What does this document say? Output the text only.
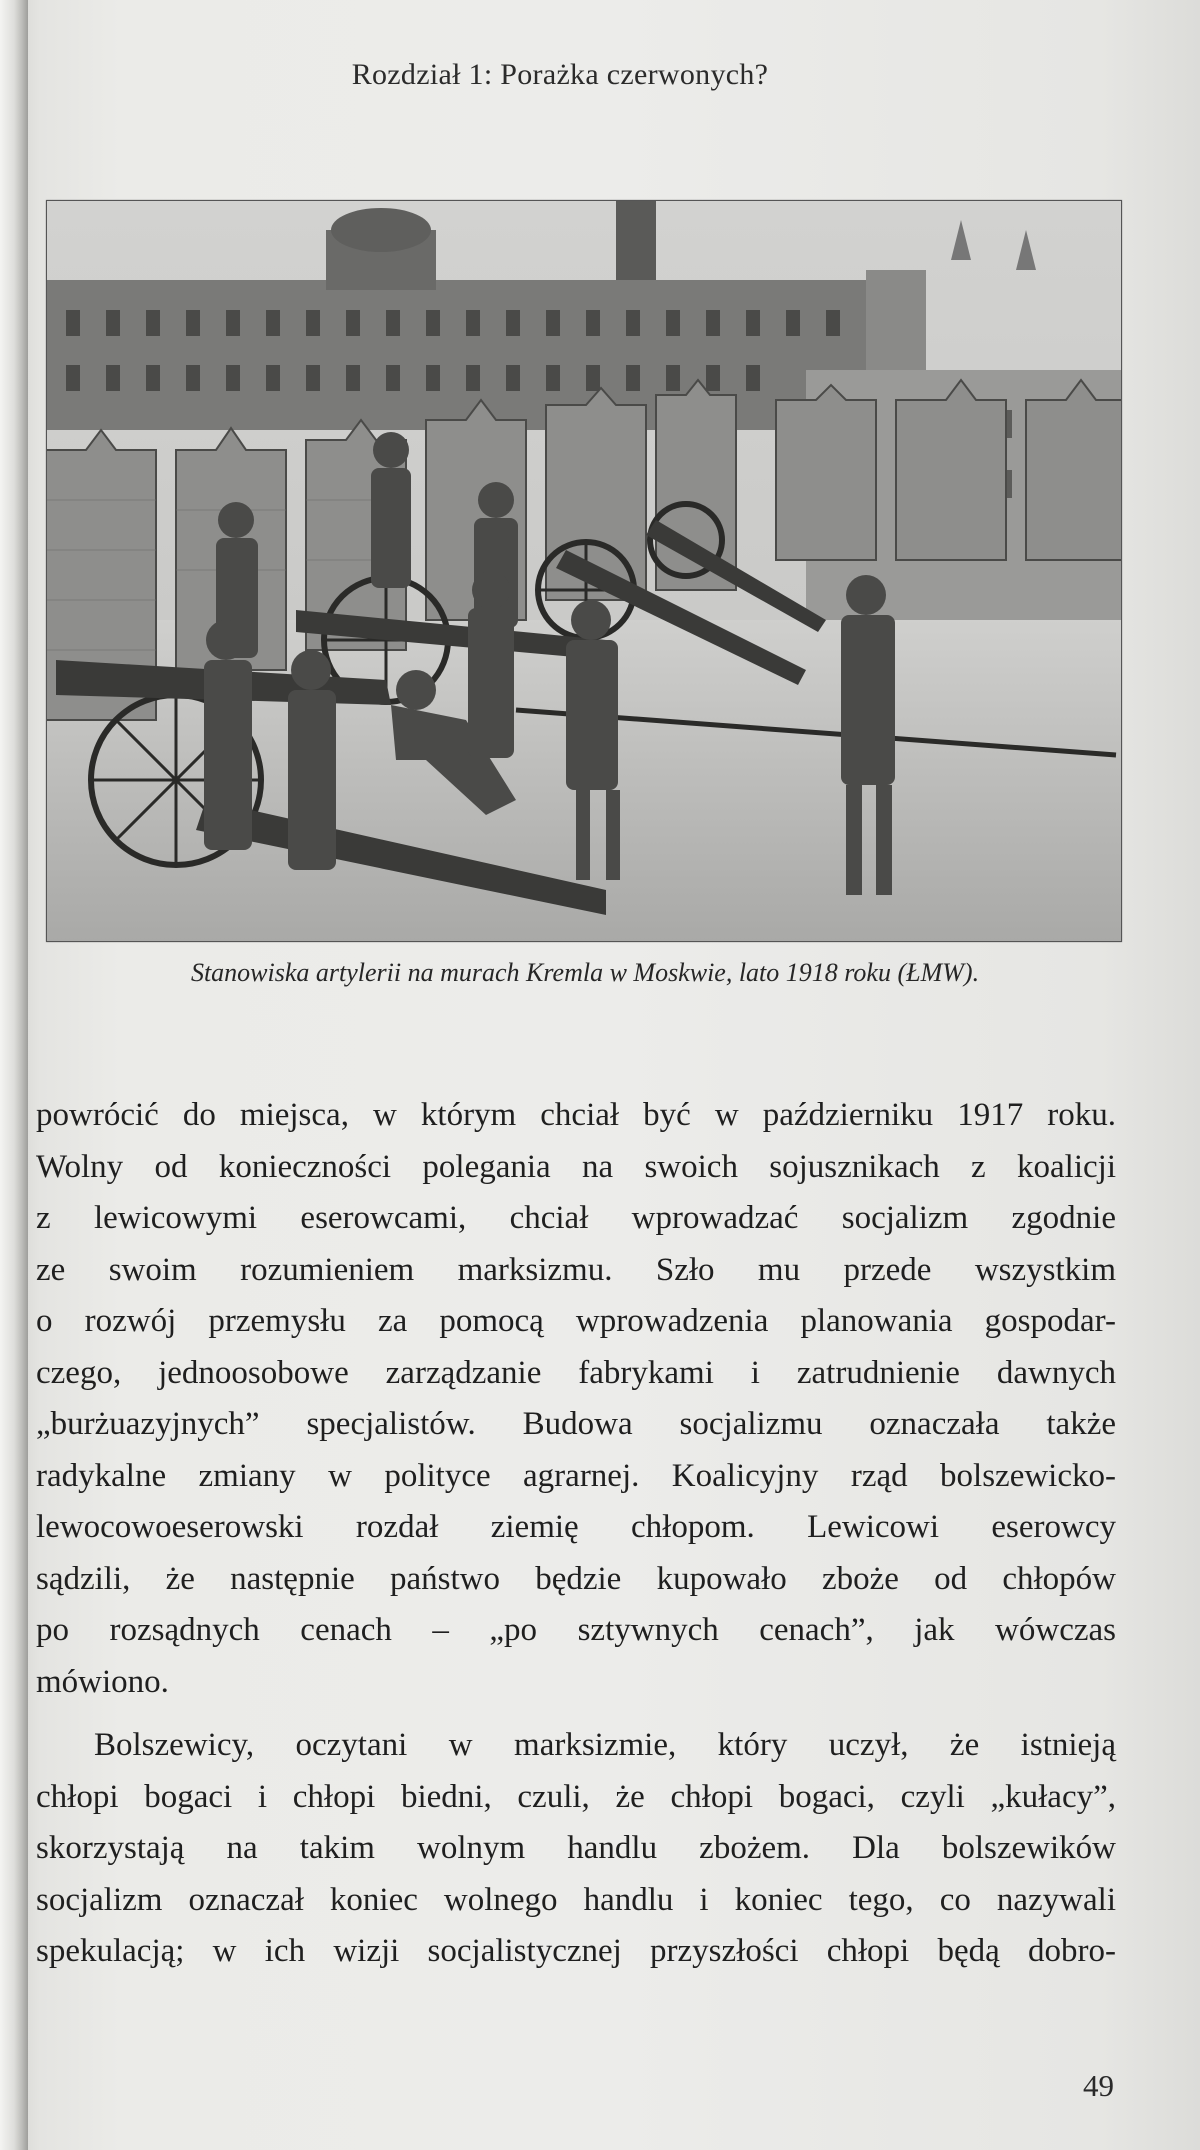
Rozdział 1: Porażka czerwonych?
Stanowiska artylerii na murach Kremla w Moskwie, lato 1918 roku (ŁMW).

powrócić do miejsca, w którym chciał być w październiku 1917 roku.
Wolny od konieczności polegania na swoich sojusznikach z koalicji
z lewicowymi eserowcami, chciał wprowadzać socjalizm zgodnie
ze swoim rozumieniem marksizmu. Szło mu przede wszystkim
o rozwój przemysłu za pomocą wprowadzenia planowania gospodar-
czego, jednoosobowe zarządzanie fabrykami i zatrudnienie dawnych
„burżuazyjnych” specjalistów. Budowa socjalizmu oznaczała także
radykalne zmiany w polityce agrarnej. Koalicyjny rząd bolszewicko-
lewocowoeserowski rozdał ziemię chłopom. Lewicowi eserowcy
sądzili, że następnie państwo będzie kupowało zboże od chłopów
po rozsądnych cenach – „po sztywnych cenach”, jak wówczas
mówiono.

Bolszewicy, oczytani w marksizmie, który uczył, że istnieją
chłopi bogaci i chłopi biedni, czuli, że chłopi bogaci, czyli „kułacy”,
skorzystają na takim wolnym handlu zbożem. Dla bolszewików
socjalizm oznaczał koniec wolnego handlu i koniec tego, co nazywali
spekulacją; w ich wizji socjalistycznej przyszłości chłopi będą dobro-

49
